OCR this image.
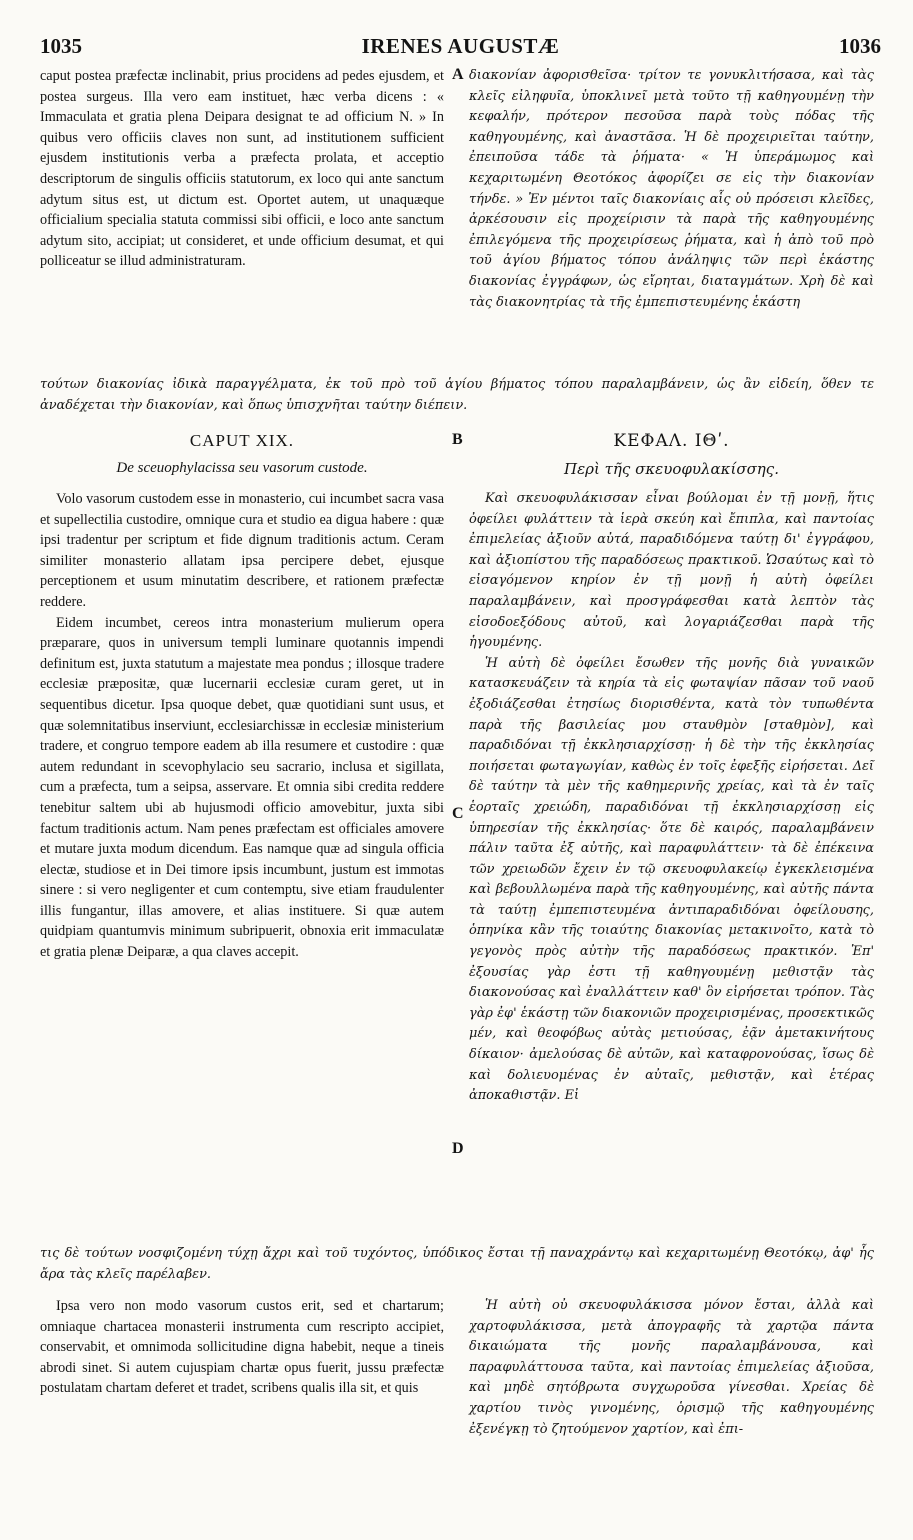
1035	IRENES AUGUSTÆ	1036

caput postea præfectæ inclinabit, prius procidens ad pedes ejusdem, et postea surgeus. Illa vero eam instituet, hæc verba dicens : « Immaculata et gratia plena Deipara designat te ad officium N. » In quibus vero officiis claves non sunt, ad institutionem sufficient ejusdem institutionis verba a præfecta prolata, et acceptio descriptorum de singulis officiis statutorum, ex loco qui ante sanctum adytum situs est, ut dictum est. Oportet autem, ut unaquæque officialium specialia statuta commissi sibi officii, e loco ante sanctum adytum sito, accipiat; ut consideret, et unde officium desumat, et qui polliceatur se illud administraturam.

διακονίαν ἀφορισθεῖσα· τρίτον τε γονυκλιτήσασα, καὶ τὰς κλεῖς εἰληφυῖα, ὑποκλινεῖ μετὰ τοῦτο τῇ καθηγουμένῃ τὴν κεφαλήν, πρότερον πεσοῦσα παρὰ τοὺς πόδας τῆς καθηγουμένης, καὶ ἀναστᾶσα. Ἡ δὲ προχειριεῖται ταύτην, ἐπειποῦσα τάδε τὰ ῥήματα· « Ἡ ὑπεράμωμος καὶ κεχαριτωμένη Θεοτόκος ἀφορίζει σε εἰς τὴν διακονίαν τήνδε. » Ἐν μέντοι ταῖς διακονίαις αἷς οὐ πρόσεισι κλεῖδες, ἀρκέσουσιν εἰς προχείρισιν τὰ παρὰ τῆς καθηγουμένης ἐπιλεγόμενα τῆς προχειρίσεως ῥήματα, καὶ ἡ ἀπὸ τοῦ πρὸ τοῦ ἁγίου βήματος τόπου ἀνάληψις τῶν περὶ ἑκάστης διακονίας ἐγγράφων, ὡς εἴρηται, διαταγμάτων. Χρὴ δὲ καὶ τὰς διακονητρίας τὰ τῆς ἐμπεπιστευμένης ἑκάστη

τούτων διακονίας ἰδικὰ παραγγέλματα, ἐκ τοῦ πρὸ τοῦ ἁγίου βήματος τόπου παραλαμβάνειν, ὡς ἂν εἰδείη, ὅθεν τε ἀναδέχεται τὴν διακονίαν, καὶ ὅπως ὑπισχνῆται ταύτην διέπειν.
A
CAPUT XIX.
De sceuophylacissa seu vasorum custode.
B	ΚΕΦΑΛ. ΙΘʹ.
Περὶ τῆς σκευοφυλακίσσης.

Volo vasorum custodem esse in monasterio, cui incumbet sacra vasa et supellectilia custodire, omnique cura et studio ea digua habere : quæ ipsi tradentur per scriptum et fide dignum traditionis actum. Ceram similiter monasterio allatam ipsa percipere debet, ejusque perceptionem et usum minutatim describere, et rationem præfectæ reddere.

Eidem incumbet, cereos intra monasterium mulierum opera præparare, quos in universum templi luminare quotannis impendi definitum est, juxta statutum a majestate mea pondus ; illosque tradere ecclesiæ præpositæ, quæ lucernarii ecclesiæ curam geret, ut in sequentibus dicetur. Ipsa quoque debet, quæ quotidiani sunt usus, et quæ solemnitatibus inserviunt, ecclesiarchissæ in ecclesiæ ministerium tradere, et congruo tempore eadem ab illa resumere et custodire : quæ autem redundant in scevophylacio seu sacrario, inclusa et sigillata, cum a præfecta, tum a seipsa, asservare. Et omnia sibi credita reddere tenebitur saltem ubi ab hujusmodi officio amovebitur, juxta sibi factum traditionis actum. Nam penes præfectam est officiales amovere et mutare juxta modum dicendum. Eas namque quæ ad singula officia electæ, studiose et in Dei timore ipsis incumbunt, justum est immotas sinere : si vero negligenter et cum contemptu, sive etiam fraudulenter illis fungantur, illas amovere, et alias instituere. Si quæ autem quidpiam quantumvis minimum subripuerit, obnoxia erit immaculatæ et gratia plenæ Deiparæ, a qua claves accepit.

Καὶ σκευοφυλάκισσαν εἶναι βούλομαι ἐν τῇ μονῇ, ἥτις ὀφείλει φυλάττειν τὰ ἱερὰ σκεύη καὶ ἔπιπλα, καὶ παντοίας ἐπιμελείας ἀξιοῦν αὐτά, παραδιδόμενα ταύτῃ δι' ἐγγράφου, καὶ ἀξιοπίστου τῆς παραδόσεως πρακτικοῦ. Ὡσαύτως καὶ τὸ εἰσαγόμενον κηρίον ἐν τῇ μονῇ ἡ αὐτὴ ὀφείλει παραλαμβάνειν, καὶ προσγράφεσθαι κατὰ λεπτὸν τὰς εἰσοδοεξόδους αὐτοῦ, καὶ λογαριάζεσθαι παρὰ τῆς ἡγουμένης.

Ἡ αὐτὴ δὲ ὀφείλει ἔσωθεν τῆς μονῆς διὰ γυναικῶν κατασκευάζειν τὰ κηρία τὰ εἰς φωταψίαν πᾶσαν τοῦ ναοῦ ἐξοδιάζεσθαι ἐτησίως διορισθέντα, κατὰ τὸν τυπωθέντα παρὰ τῆς βασιλείας μου σταυθμὸν [σταθμὸν], καὶ παραδιδόναι τῇ ἐκκλησιαρχίσσῃ· ἡ δὲ τὴν τῆς ἐκκλησίας ποιήσεται φωταγωγίαν, καθὼς ἐν τοῖς ἐφεξῆς εἰρήσεται. Δεῖ δὲ ταύτην τὰ μὲν τῆς καθημερινῆς χρείας, καὶ τὰ ἐν ταῖς ἑορταῖς χρειώδη, παραδιδόναι τῇ ἐκκλησιαρχίσσῃ εἰς ὑπηρεσίαν τῆς ἐκκλησίας· ὅτε δὲ καιρός, παραλαμβάνειν πάλιν ταῦτα ἐξ αὐτῆς, καὶ παραφυλάττειν· τὰ δὲ ἐπέκεινα τῶν χρειωδῶν ἔχειν ἐν τῷ σκευοφυλακείῳ ἐγκεκλεισμένα καὶ βεβουλλωμένα παρὰ τῆς καθηγουμένης, καὶ αὐτῆς πάντα τὰ ταύτῃ ἐμπεπιστευμένα ἀντιπαραδιδόναι ὀφείλουσης, ὁπηνίκα κἂν τῆς τοιαύτης διακονίας μετακινοῖτο, κατὰ τὸ γεγονὸς πρὸς αὐτὴν τῆς παραδόσεως πρακτικόν. Ἐπ' ἐξουσίας γὰρ ἐστι τῇ καθηγουμένῃ μεθιστᾷν τὰς διακονούσας καὶ ἐναλλάττειν καθ' ὃν εἰρήσεται τρόπον. Τὰς γὰρ ἐφ' ἑκάστῃ τῶν διακονιῶν προχειρισμένας, προσεκτικῶς μέν, καὶ θεοφόβως αὐτὰς μετιούσας, ἐᾷν ἀμετακινήτους δίκαιον· ἀμελούσας δὲ αὐτῶν, καὶ καταφρονούσας, ἴσως δὲ καὶ δολιευομένας ἐν αὐταῖς, μεθιστᾷν, καὶ ἑτέρας ἀποκαθιστᾷν. Εἰ

C
D
τις δὲ τούτων νοσφιζομένη τύχῃ ἄχρι καὶ τοῦ τυχόντος, ὑπόδικος ἔσται τῇ παναχράντῳ καὶ κεχαριτωμένῃ Θεοτόκῳ, ἀφ' ἧς ἄρα τὰς κλεῖς παρέλαβεν.

Ipsa vero non modo vasorum custos erit, sed et chartarum; omniaque chartacea monasterii instrumenta cum rescripto accipiet, conservabit, et omnimoda sollicitudine digna habebit, neque a tineis abrodi sinet. Si autem cujuspiam chartæ opus fuerit, jussu præfectæ postulatam chartam deferet et tradet, scribens qualis illa sit, et quis

Ἡ αὐτὴ οὐ σκευοφυλάκισσα μόνον ἔσται, ἀλλὰ καὶ χαρτοφυλάκισσα, μετὰ ἀπογραφῆς τὰ χαρτῷα πάντα δικαιώματα τῆς μονῆς παραλαμβάνουσα, καὶ παραφυλάττουσα ταῦτα, καὶ παντοίας ἐπιμελείας ἀξιοῦσα, καὶ μηδὲ σητόβρωτα συγχωροῦσα γίνεσθαι. Χρείας δὲ χαρτίου τινὸς γινομένης, ὁρισμῷ τῆς καθηγουμένης ἐξενέγκῃ τὸ ζητούμενον χαρτίον, καὶ ἐπι-
